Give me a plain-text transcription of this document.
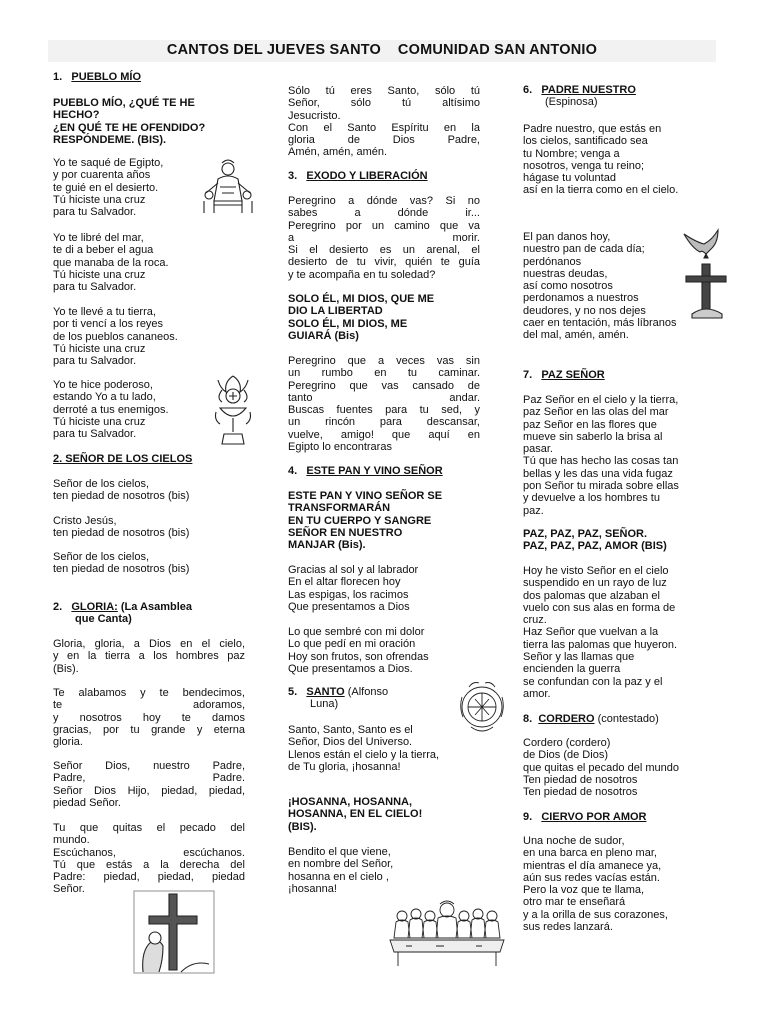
CANTOS DEL JUEVES SANTO    COMUNIDAD SAN ANTONIO
1. PUEBLO MÍO
PUEBLO MÍO, ¿QUÉ TE HE
HECHO?
¿EN QUÉ TE HE OFENDIDO?
RESPÓNDEME. (BIS).
Yo te saqué de Egipto,
y por cuarenta años
te guié en el desierto.
Tú hiciste una cruz
para tu Salvador.
Yo te libré del mar,
te di a beber el agua
que manaba de la roca.
Tú hiciste una cruz
para tu Salvador.
Yo te llevé a tu tierra,
por ti vencí a los reyes
de los pueblos cananeos.
Tú hiciste una cruz
para tu Salvador.
Yo te hice poderoso,
estando Yo a tu lado,
derroté a tus enemigos.
Tú hiciste una cruz
para tu Salvador.
2. SEÑOR DE LOS CIELOS
Señor de los cielos,
ten piedad de nosotros (bis)
Cristo Jesús,
ten piedad de nosotros (bis)
Señor de los cielos,
ten piedad de nosotros (bis)
2. GLORIA: (La Asamblea
que Canta)
Gloria, gloria, a Dios en el cielo,
y en la tierra a los hombres paz
(Bis).
Te alabamos y te bendecimos,
te adoramos,
y nosotros hoy te damos
gracias, por tu grande y eterna
gloria.
Señor Dios, nuestro Padre,
Padre, Padre.
Señor Dios Hijo, piedad, piedad,
piedad Señor.
Tu que quitas el pecado del
mundo.
Escúchanos, escúchanos.
Tú que estás a la derecha del
Padre: piedad, piedad, piedad
Señor.
Sólo tú eres Santo, sólo tú
Señor, sólo tú altísimo
Jesucristo.
Con el Santo Espíritu en la
gloria de Dios Padre,
Amén, amén, amén.
3. EXODO Y LIBERACIÓN
Peregrino a dónde vas? Si no
sabes a dónde ir...
Peregrino por un camino que va
a morir.
Si el desierto es un arenal, el
desierto de tu vivir, quién te guía
y te acompaña en tu soledad?
SOLO ÉL, MI DIOS, QUE ME
DIO LA LIBERTAD
SOLO ÉL, MI DIOS, ME
GUIARÁ (Bis)
Peregrino que a veces vas sin
un rumbo en tu caminar.
Peregrino que vas cansado de
tanto andar.
Buscas fuentes para tu sed, y
un rincón para descansar,
vuelve, amigo! que aquí en
Egipto lo encontraras
4. ESTE PAN Y VINO SEÑOR
ESTE PAN Y VINO SEÑOR SE
TRANSFORMARÁN
EN TU CUERPO Y SANGRE
SEÑOR EN NUESTRO
MANJAR (Bis).
Gracias al sol y al labrador
En el altar florecen hoy
Las espigas, los racimos
Que presentamos a Dios
Lo que sembré con mi dolor
Lo que pedí en mi oración
Hoy son frutos, son ofrendas
Que presentamos a Dios.
5. SANTO (Alfonso
Luna)
Santo, Santo, Santo es el
Señor, Dios del Universo.
Llenos están el cielo y la tierra,
de Tu gloria, ¡hosanna!
¡HOSANNA, HOSANNA,
HOSANNA, EN EL CIELO!
(BIS).
Bendito el que viene,
en nombre del Señor,
hosanna en el cielo ,
¡hosanna!
6. PADRE NUESTRO
(Espinosa)
Padre nuestro, que estás en
los cielos, santificado sea
tu Nombre; venga a
nosotros, venga tu reino;
hágase tu voluntad
así en la tierra como en el cielo.
El pan danos hoy,
nuestro pan de cada día;
perdónanos
nuestras deudas,
así como nosotros
perdonamos a nuestros
deudores, y no nos dejes
caer en tentación, más líbranos
del mal, amén, amén.
7. PAZ SEÑOR
Paz Señor en el cielo y la tierra,
paz Señor en las olas del mar
paz Señor en las flores que
mueve sin saberlo la brisa al
pasar.
Tú que has hecho las cosas tan
bellas y les das una vida fugaz
pon Señor tu mirada sobre ellas
y devuelve a los hombres tu
paz.
PAZ, PAZ, PAZ, SEÑOR.
PAZ, PAZ, PAZ, AMOR (BIS)
Hoy he visto Señor en el cielo
suspendido en un rayo de luz
dos palomas que alzaban el
vuelo con sus alas en forma de
cruz.
Haz Señor que vuelvan a la
tierra las palomas que huyeron.
Señor y las llamas que
encienden la guerra
se confundan con la paz y el
amor.
8. CORDERO (contestado)
Cordero (cordero)
de Dios (de Dios)
que quitas el pecado del mundo
Ten piedad de nosotros
Ten piedad de nosotros
9. CIERVO POR AMOR
Una noche de sudor,
en una barca en pleno mar,
mientras el día amanece ya,
aún sus redes vacías están.
Pero la voz que te llama,
otro mar te enseñará
y a la orilla de sus corazones,
sus redes lanzará.
